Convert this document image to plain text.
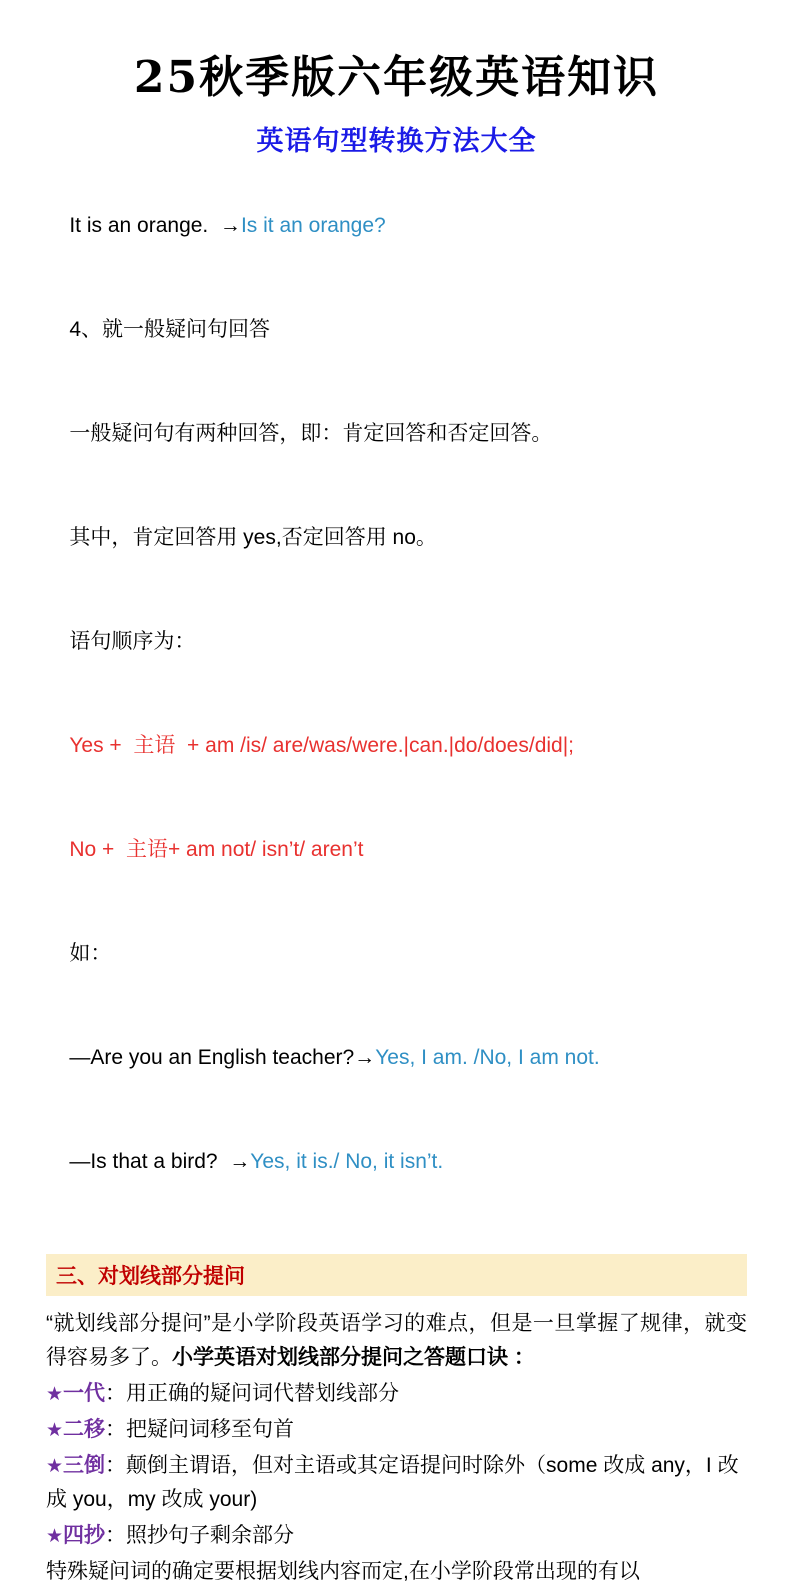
25秋季版六年级英语知识
英语句型转换方法大全

It is an orange.  →Is it an orange?

4、就一般疑问句回答

一般疑问句有两种回答，即：肯定回答和否定回答。

其中，肯定回答用 yes,否定回答用 no。

语句顺序为：

Yes +  主语  + am /is/ are/was/were.|can.|do/does/did|;

No +  主语+ am not/ isn’t/ aren’t

如：

—Are you an English teacher?→Yes, I am. /No, I am not.

—Is that a bird?  →Yes, it is./ No, it isn’t.

三、对划线部分提问
“就划线部分提问”是小学阶段英语学习的难点，但是一旦掌握了规律，就变得容易多了。小学英语对划线部分提问之答题口诀 ：
★一代：用正确的疑问词代替划线部分
★二移：把疑问词移至句首
★三倒：颠倒主谓语，但对主语或其定语提问时除外（some 改成 any，I 改成 you，my 改成 your)
★四抄：照抄句子剩余部分
特殊疑问词的确定要根据划线内容而定,在小学阶段常出现的有以
